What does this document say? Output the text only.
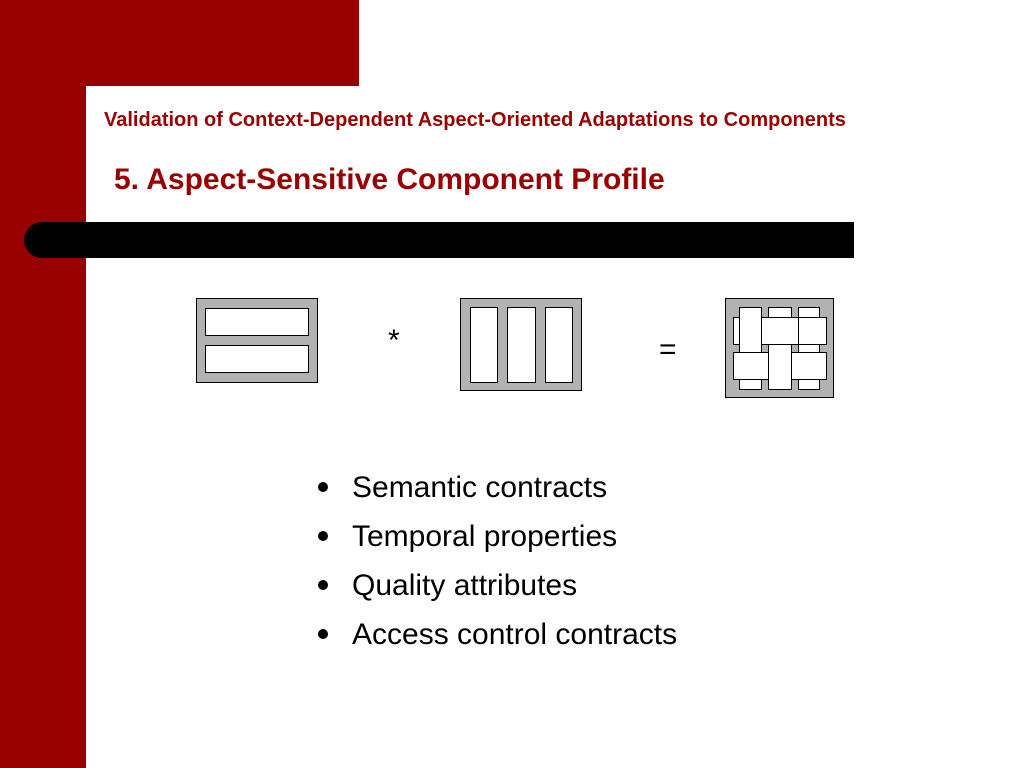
Validation of Context-Dependent Aspect-Oriented Adaptations to Components
5. Aspect-Sensitive Component Profile
*	=
Semantic contracts
Temporal properties
Quality attributes
Access control contracts
